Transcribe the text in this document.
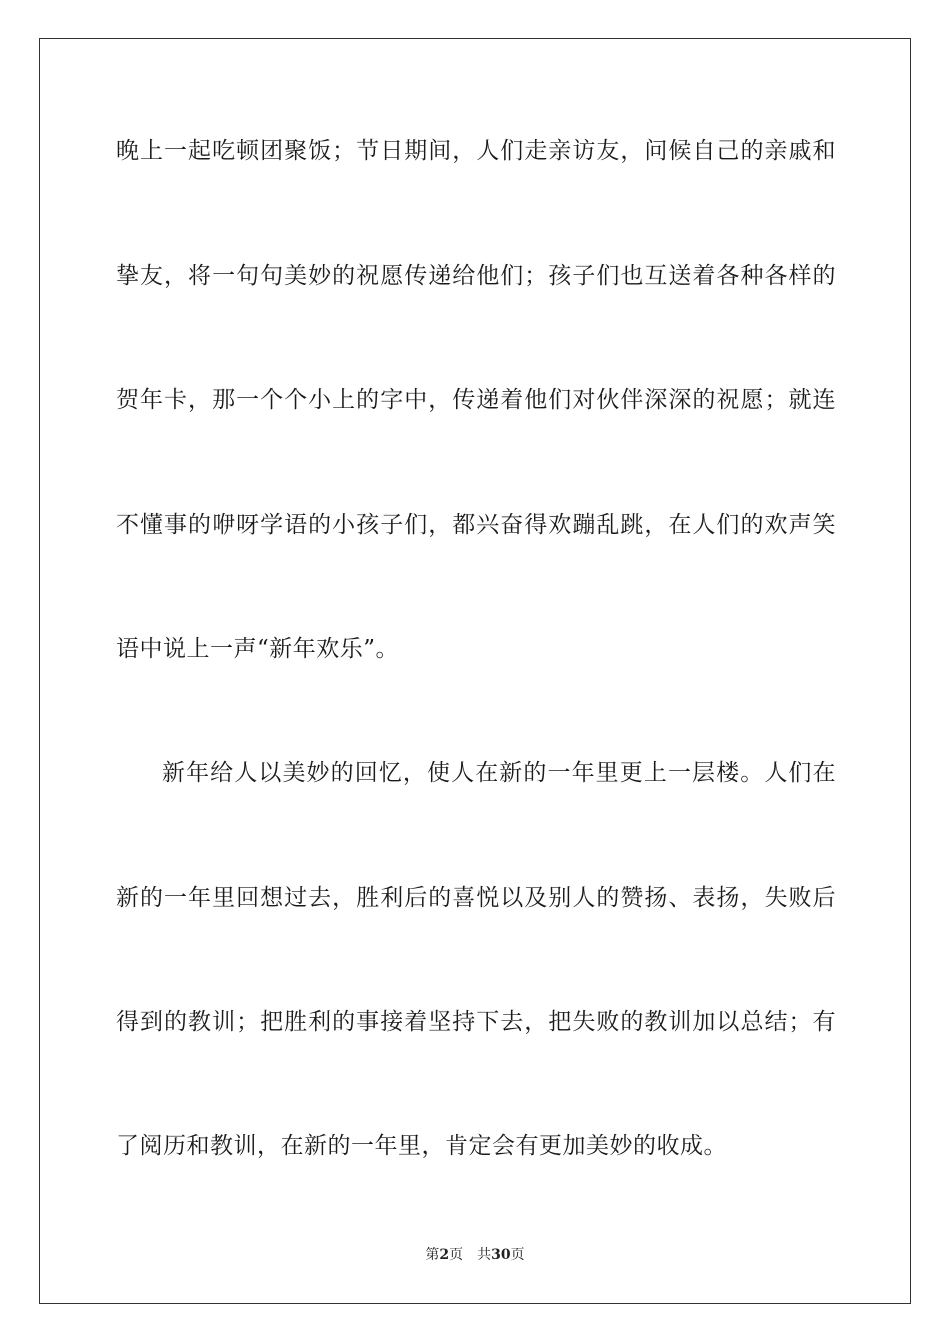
晚上一起吃顿团聚饭；节日期间，人们走亲访友，问候自己的亲戚和
挚友，将一句句美妙的祝愿传递给他们；孩子们也互送着各种各样的
贺年卡，那一个个小上的字中，传递着他们对伙伴深深的祝愿；就连
不懂事的咿呀学语的小孩子们，都兴奋得欢蹦乱跳，在人们的欢声笑
语中说上一声“新年欢乐”。
新年给人以美妙的回忆，使人在新的一年里更上一层楼。人们在
新的一年里回想过去，胜利后的喜悦以及别人的赞扬、表扬，失败后
得到的教训；把胜利的事接着坚持下去，把失败的教训加以总结；有
了阅历和教训，在新的一年里，肯定会有更加美妙的收成。
第2页 共30页
